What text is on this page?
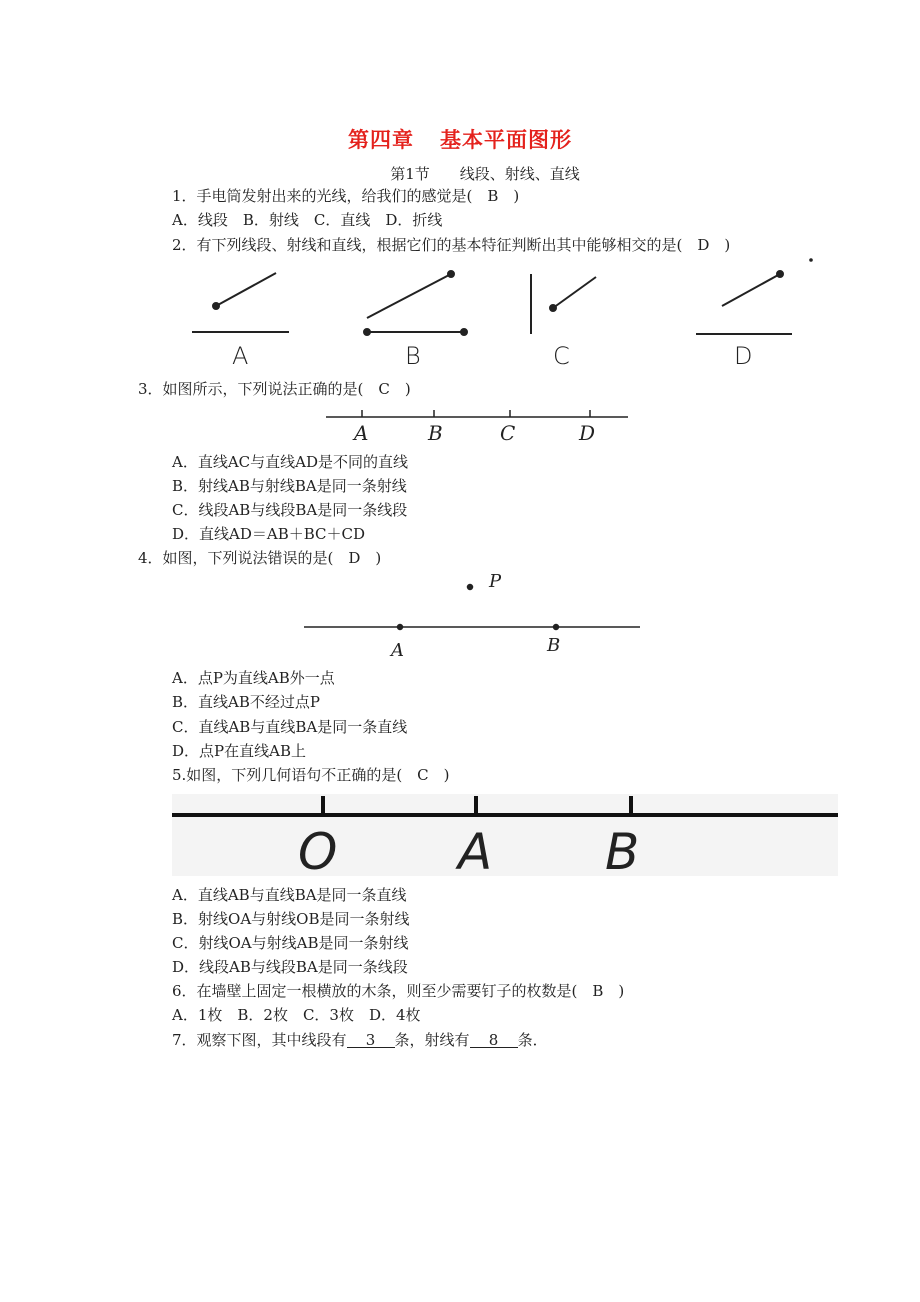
第四章 基本平面图形
第1节 线段、射线、直线
1．手电筒发射出来的光线，给我们的感觉是(　B　)
A．线段　B．射线　C．直线　D．折线
2．有下列线段、射线和直线，根据它们的基本特征判断出其中能够相交的是(　D　)
A	B	C	D
3．如图所示，下列说法正确的是(　C　)
A	B	C	D
A．直线AC与直线AD是不同的直线
B．射线AB与射线BA是同一条射线
C．线段AB与线段BA是同一条线段
D．直线AD＝AB＋BC＋CD
4．如图，下列说法错误的是(　D　)
P
A	B
A．点P为直线AB外一点
B．直线AB不经过点P
C．直线AB与直线BA是同一条直线
D．点P在直线AB上
5.如图，下列几何语句不正确的是(　C　)
O A B
A．直线AB与直线BA是同一条直线
B．射线OA与射线OB是同一条射线
C．射线OA与射线AB是同一条射线
D．线段AB与线段BA是同一条线段
6．在墙壁上固定一根横放的木条，则至少需要钉子的枚数是(　B　)
A．1枚　B．2枚　C．3枚　D．4枚
7．观察下图，其中线段有 3 条，射线有 8 条．
